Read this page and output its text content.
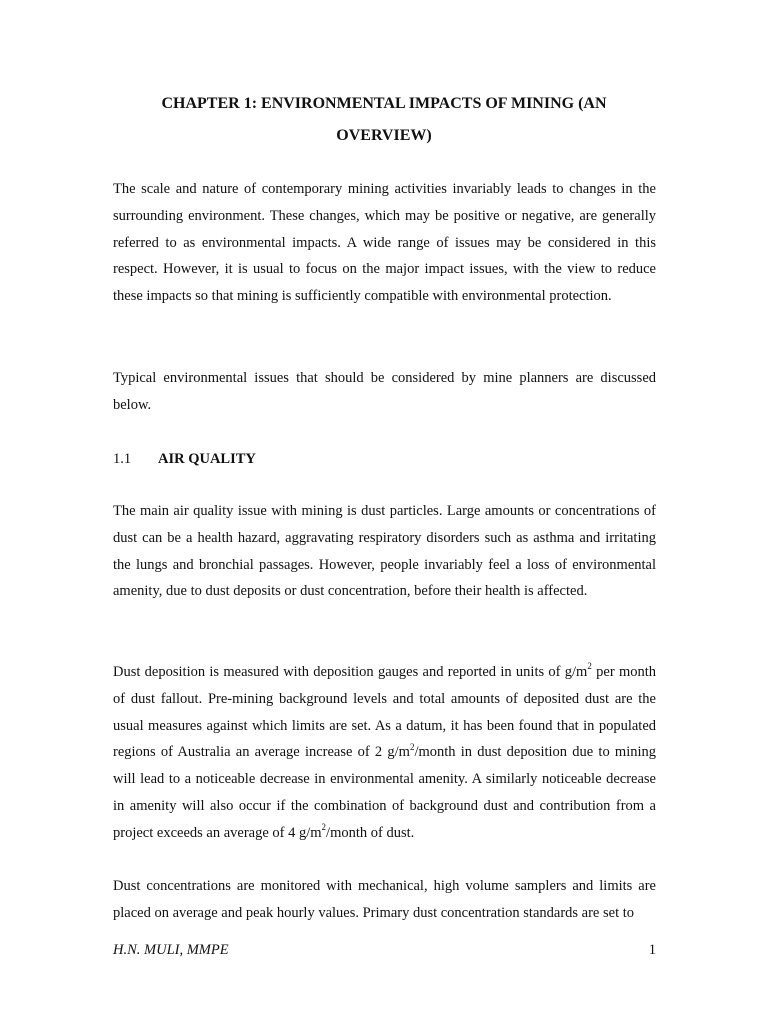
CHAPTER 1: ENVIRONMENTAL IMPACTS OF MINING (AN
OVERVIEW)

The scale and nature of contemporary mining activities invariably leads to changes in the surrounding environment. These changes, which may be positive or negative, are generally referred to as environmental impacts. A wide range of issues may be considered in this respect. However, it is usual to focus on the major impact issues, with the view to reduce these impacts so that mining is sufficiently compatible with environmental protection.

Typical environmental issues that should be considered by mine planners are discussed below.

1.1 AIR QUALITY

The main air quality issue with mining is dust particles. Large amounts or concentrations of dust can be a health hazard, aggravating respiratory disorders such as asthma and irritating the lungs and bronchial passages. However, people invariably feel a loss of environmental amenity, due to dust deposits or dust concentration, before their health is affected.

Dust deposition is measured with deposition gauges and reported in units of $g/m^2$ per month of dust fallout. Pre-mining background levels and total amounts of deposited dust are the usual measures against which limits are set. As a datum, it has been found that in populated regions of Australia an average increase of 2 $g/m^2$/month in dust deposition due to mining will lead to a noticeable decrease in environmental amenity. A similarly noticeable decrease in amenity will also occur if the combination of background dust and contribution from a project exceeds an average of 4 $g/m^2$/month of dust.

Dust concentrations are monitored with mechanical, high volume samplers and limits are placed on average and peak hourly values. Primary dust concentration standards are set to

H.N. MULI, MMPE	1
